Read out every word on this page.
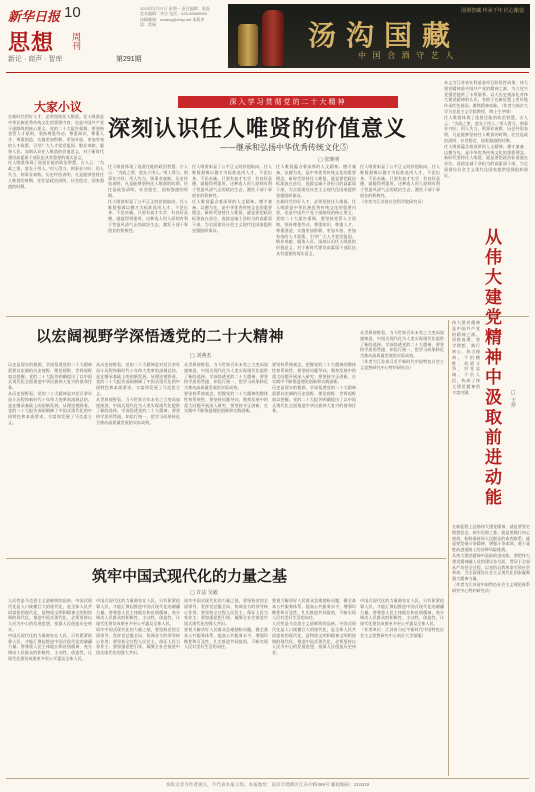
新华日报 10
思想 周刊
新论 · 商声 · 智库	第291期
2023年2月27日 星期一 责任编辑：张磊 美术编辑：李宗 电话：025-58680000 投稿邮箱：sixiang@xhby.net 本版审读：常瑞
国酒窖藏 传承千年 匠心酿造
汤沟国藏
中 国 合 酒 守 艺 人
大家小议	深入学习贯彻党的二十大精神
深刻认识任人唯贤的价值意义
——继承和弘扬中华优秀传统文化⑤
□ 张继明

在新时代用好人才，必须坚持任人唯贤。任人唯贤是中华民族优秀传统文化的重要内容，也是中国共产党干部路线的核心要义。党的二十大报告强调，要坚持党管人才原则，坚持尊重劳动、尊重知识、尊重人才、尊重创造，实施更加积极、更加开放、更加有效的人才政策，引导广大人才爱党报国、敬业奉献、服务人民。深刻认识任人唯贤的价值意义，对于新时代建设高素质干部队伍具有重要的现实意义。

任人唯贤体现了选贤任能的政治智慧。古人云：“为政之要，莫先于用人。”用人得当，则事业兴旺；用人失当，则事业衰败。历史经验表明，凡是能够坚持任人唯贤的时期，往往是政治清明、社会稳定、国家强盛的时期。

任人唯贤体现了选贤任能的政治智慧。古人云：“为政之要，莫先于用人。”用人得当，则事业兴旺；用人失当，则事业衰败。历史经验表明，凡是能够坚持任人唯贤的时期，往往是政治清明、社会稳定、国家强盛的时期。

任人唯贤彰显了公平正义的价值取向。任人唯贤强调以德才为标准选用人才，不论出身、不论亲疏，只要有真才实学、有良好品德，就能得到重用。这种选人用人原则有利于营造风清气正的政治生态，激发干部干事创业的积极性。

任人唯贤彰显了公平正义的价值取向。任人唯贤强调以德才为标准选用人才，不论出身、不论亲疏，只要有真才实学、有良好品德，就能得到重用。这种选人用人原则有利于营造风清气正的政治生态，激发干部干事创业的积极性。

任人唯贤蕴含着深厚的人文精神。德才兼备、以德为先，是中华优秀传统文化的重要理念。新时代坚持任人唯贤，就是要把政治标准放在首位，选拔忠诚干净担当的高素质干部，为全面建设社会主义现代化国家提供坚强组织保证。

任人唯贤蕴含着深厚的人文精神。德才兼备、以德为先，是中华优秀传统文化的重要理念。新时代坚持任人唯贤，就是要把政治标准放在首位，选拔忠诚干净担当的高素质干部，为全面建设社会主义现代化国家提供坚强组织保证。

在新时代用好人才，必须坚持任人唯贤。任人唯贤是中华民族优秀传统文化的重要内容，也是中国共产党干部路线的核心要义。党的二十大报告强调，要坚持党管人才原则，坚持尊重劳动、尊重知识、尊重人才、尊重创造，实施更加积极、更加开放、更加有效的人才政策，引导广大人才爱党报国、敬业奉献、服务人民。深刻认识任人唯贤的价值意义，对于新时代建设高素质干部队伍具有重要的现实意义。

任人唯贤彰显了公平正义的价值取向。任人唯贤强调以德才为标准选用人才，不论出身、不论亲疏，只要有真才实学、有良好品德，就能得到重用。这种选人用人原则有利于营造风清气正的政治生态，激发干部干事创业的积极性。

（作者为江苏省社会科学院研究员）

本文为江苏省社科基金项目阶段性成果。伟大建党精神是中国共产党的精神之源，为立党兴党强党提供了丰厚滋养。以大历史观深化对伟大建党精神的认识，有助于在新征程上更好地传承红色基因、赓续精神血脉。（作者为南京大学马克思主义学院教授、博士生导师）

任人唯贤体现了选贤任能的政治智慧。古人云：“为政之要，莫先于用人。”用人得当，则事业兴旺；用人失当，则事业衰败。历史经验表明，凡是能够坚持任人唯贤的时期，往往是政治清明、社会稳定、国家强盛的时期。

任人唯贤蕴含着深厚的人文精神。德才兼备、以德为先，是中华优秀传统文化的重要理念。新时代坚持任人唯贤，就是要把政治标准放在首位，选拔忠诚干净担当的高素质干部，为全面建设社会主义现代化国家提供坚强组织保证。

以宏阔视野学深悟透党的二十大精神
□ 刘燕杰

历史是现实的根源，学深悟透党的二十大精神需要以宏阔的历史视野、理论视野、世界视野加以把握。党的二十大报告明确提出了以中国式现代化全面推进中华民族伟大复兴的使命任务。

从历史视野看，党的二十大精神是对党百余年奋斗历程和新时代十年伟大变革的深刻总结，是在继承基础上的创新发展。从理论视野看，党的二十大报告深刻阐释了中国式现代化的中国特色和本质要求，丰富和发展了马克思主义。

从历史视野看，党的二十大精神是对党百余年奋斗历程和新时代十年伟大变革的深刻总结，是在继承基础上的创新发展。从理论视野看，党的二十大报告深刻阐释了中国式现代化的中国特色和本质要求，丰富和发展了马克思主义。

从世界视野看，当今世界百年未有之大变局加速演进，中国式现代化为人类实现现代化提供了新的选择。学深悟透党的二十大精神，要坚持学思用贯通、知信行统一，把学习成果转化为推动高质量发展的实际成效。

从世界视野看，当今世界百年未有之大变局加速演进，中国式现代化为人类实现现代化提供了新的选择。学深悟透党的二十大精神，要坚持学思用贯通、知信行统一，把学习成果转化为推动高质量发展的实际成效。

要坚持系统观念，把握党的二十大精神的整体性和系统性；要坚持问题导向，聚焦发展中的重大问题开展深入研究；要坚持守正创新，在实践中不断推进理论创新和实践创新。

要坚持系统观念，把握党的二十大精神的整体性和系统性；要坚持问题导向，聚焦发展中的重大问题开展深入研究；要坚持守正创新，在实践中不断推进理论创新和实践创新。

历史是现实的根源，学深悟透党的二十大精神需要以宏阔的历史视野、理论视野、世界视野加以把握。党的二十大报告明确提出了以中国式现代化全面推进中华民族伟大复兴的使命任务。

从世界视野看，当今世界百年未有之大变局加速演进，中国式现代化为人类实现现代化提供了新的选择。学深悟透党的二十大精神，要坚持学思用贯通、知信行统一，把学习成果转化为推动高质量发展的实际成效。

（作者为江苏省习近平新时代中国特色社会主义思想研究中心特约研究员）	从伟大建党精神中汲取前进动能	□ 王珍

伟大建党精神是中国共产党的精神之源。坚持真理、坚守理想，践行初心、担当使命，不怕牺牲、英勇斗争，对党忠诚、不负人民，构成了伟大建党精神的丰富内涵。

在新征程上弘扬伟大建党精神，就是要坚定理想信念，筑牢信仰之基；就是要践行初心使命，始终保持同人民群众的血肉联系；就是要发扬斗争精神，增强斗争本领，勇于战胜前进道路上的各种风险挑战。

从伟大建党精神中汲取前进动能，要把伟大建党精神融入党的建设各方面，贯穿于全面从严治党全过程，以党的自我革命引领社会革命，为全面建设社会主义现代化国家凝聚强大精神力量。

（作者为江苏省中国特色社会主义理论体系研究中心特约研究员）

筑牢中国式现代化的力量之基
□ 许法 吴毅

人民性是马克思主义最鲜明的品格。中国式现代化是人口规模巨大的现代化，是全体人民共同富裕的现代化，是物质文明和精神文明相协调的现代化。推进中国式现代化，必须坚持以人民为中心的发展思想，依靠人民创造历史伟业。

中国式现代化的力量源泉在人民。只有紧紧依靠人民，才能汇聚起推进中国式现代化的磅礴力量。要尊重人民主体地位和首创精神，充分调动人民群众的积极性、主动性、创造性，让现代化建设成果更多更公平惠及全体人民。

中国式现代化的力量源泉在人民。只有紧紧依靠人民，才能汇聚起推进中国式现代化的磅礴力量。要尊重人民主体地位和首创精神，充分调动人民群众的积极性、主动性、创造性，让现代化建设成果更多更公平惠及全体人民。

筑牢中国式现代化的力量之基，要坚持党的全面领导，发挥党总揽全局、协调各方的领导核心作用；要坚持全过程人民民主，保证人民当家作主；要加强思想引领，凝聚全社会推进中国式现代化的强大共识。

筑牢中国式现代化的力量之基，要坚持党的全面领导，发挥党总揽全局、协调各方的领导核心作用；要坚持全过程人民民主，保证人民当家作主；要加强思想引领，凝聚全社会推进中国式现代化的强大共识。

要着力解决好人民群众急难愁盼问题，健全基本公共服务体系，提高公共服务水平，增强均衡性和可及性，扎实推进共同富裕，不断实现人民对美好生活的向往。

要着力解决好人民群众急难愁盼问题，健全基本公共服务体系，提高公共服务水平，增强均衡性和可及性，扎实推进共同富裕，不断实现人民对美好生活的向往。

人民性是马克思主义最鲜明的品格。中国式现代化是人口规模巨大的现代化，是全体人民共同富裕的现代化，是物质文明和精神文明相协调的现代化。推进中国式现代化，必须坚持以人民为中心的发展思想，依靠人民创造历史伟业。

中国式现代化的力量源泉在人民。只有紧紧依靠人民，才能汇聚起推进中国式现代化的磅礴力量。要尊重人民主体地位和首创精神，充分调动人民群众的积极性、主动性、创造性，让现代化建设成果更多更公平惠及全体人民。

（作者单位：江苏省习近平新时代中国特色社会主义思想研究中心南京大学基地）

本版文章为作者观点，不代表本报立场。本报地址：南京市建邺区江东中路369号 邮政编码：210019
